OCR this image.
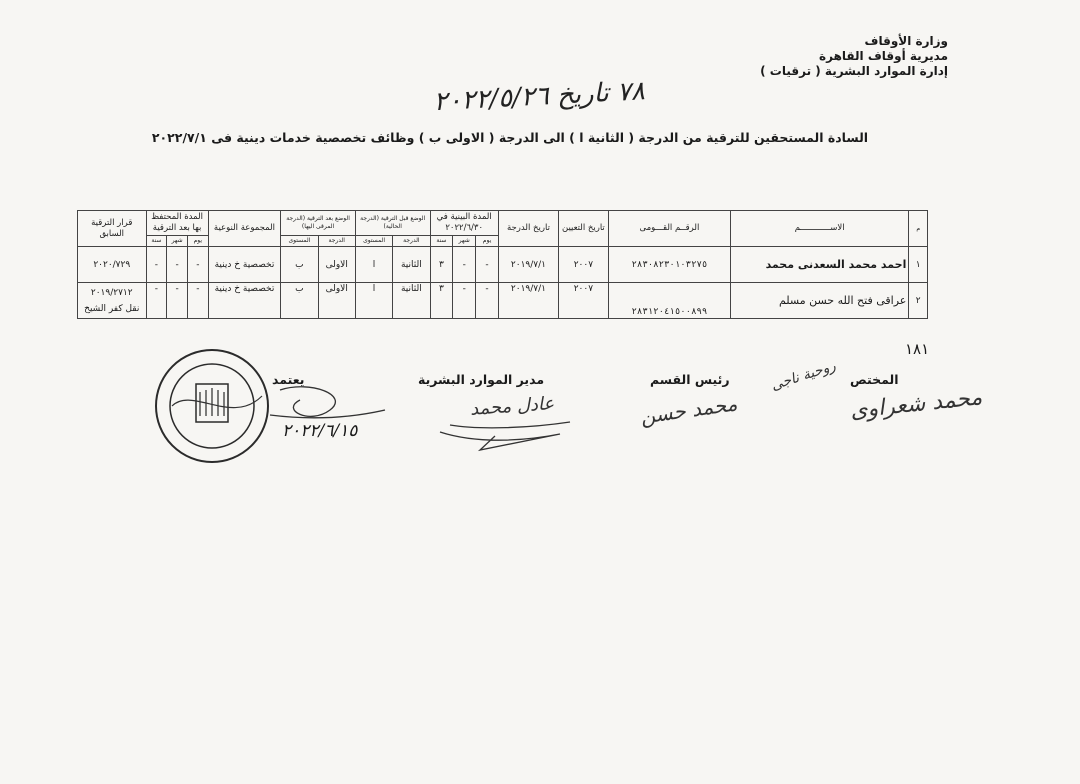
وزارة الأوقاف
مديرية أوقاف القاهرة
إدارة الموارد البشرية ( ترقيات )
٧٨ تاريخ ٢٠٢٢/٥/٢٦
السادة المستحقين للترقية من الدرجة ( الثانية ا ) الى الدرجة ( الاولى ب ) وظائف تخصصية خدمات دينية فى ٢٠٢٢/٧/١
م	الاســــــــــــم	الرقــم القـــومى	تاريخ التعيين	تاريخ الدرجة	المدة البينية في ٢٠٢٢/٦/٣٠			الوضع قبل الترقية (الدرجة الحالية)		الوضع بعد الترقية (الدرجة المرقى اليها)		المجموعة النوعية	المدة المحتفظ بها بعد الترقية			قرار الترقية السابق
					يوم	شهر	سنة	الدرجة	المستوى	الدرجة	المستوى		يوم	شهر	سنة	
١	احمد محمد السعدنى محمد	٢٨٣٠٨٢٣٠١٠٣٢٧٥	٢٠٠٧	٢٠١٩/٧/١	-	-	٣	الثانية	ا	الاولى	ب	تخصصية خ دينية	-	-	-	٢٠٢٠/٧٢٩
٢	عراقى فتح الله حسن مسلم	٢٨٣١٢٠٤١٥٠٠٨٩٩	٢٠٠٧	٢٠١٩/٧/١	-	-	٣	الثانية	ا	الاولى	ب	تخصصية خ دينية	-	-	-	٢٠١٩/٢٧١٢
نقل كفر الشيخ
١٨١
المختص
رئيس القسم
مدير الموارد البشرية
يعتمد
محمد شعراوى
روحية ناجى
محمد حسن
عادل محمد
٢٠٢٢/٦/١٥
